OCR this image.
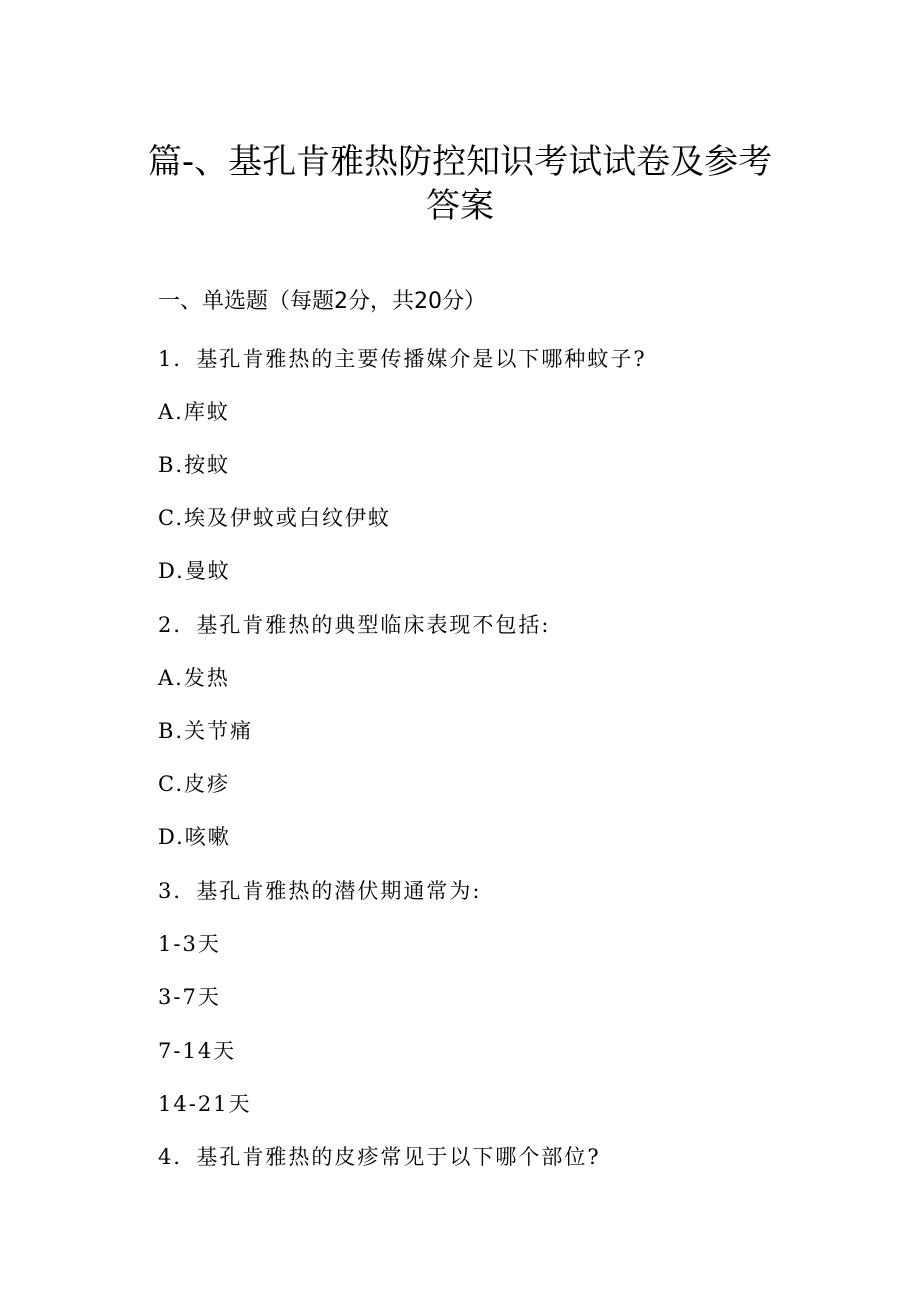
篇-、基孔肯雅热防控知识考试试卷及参考
答案
一、单选题（每题2分，共20分）
1．基孔肯雅热的主要传播媒介是以下哪种蚊子?
A.库蚊
B.按蚊
C.埃及伊蚊或白纹伊蚊
D.曼蚊
2．基孔肯雅热的典型临床表现不包括:
A.发热
B.关节痛
C.皮疹
D.咳嗽
3．基孔肯雅热的潜伏期通常为:
1-3天
3-7天
7-14天
14-21天
4．基孔肯雅热的皮疹常见于以下哪个部位?
